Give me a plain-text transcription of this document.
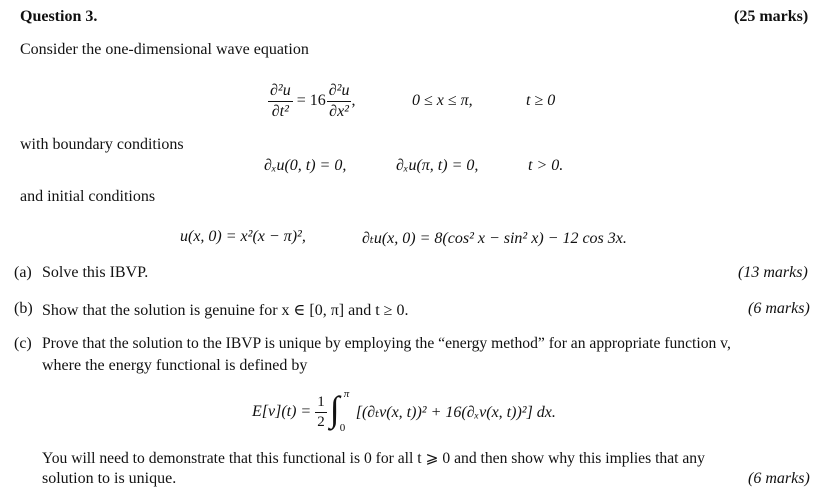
Question 3.	(25 marks)
Consider the one-dimensional wave equation
$\frac{\text{∂²u}}{\text{∂t²}} = 16 \frac{\text{∂²u}}{\text{∂x²}}$ ,	0 ≤ x ≤ π,	t ≥ 0
with boundary conditions
∂ₓu(0, t) = 0,	∂ₓu(π, t) = 0,	t > 0.
and initial conditions
u(x, 0) = x²(x − π)²,	∂ₜu(x, 0) = 8(cos² x − sin² x) − 12 cos 3x.
(a) Solve this IBVP.	(13 marks)
(b) Show that the solution is genuine for x ∈ [0, π] and t ≥ 0.	(6 marks)
(c) Prove that the solution to the IBVP is unique by employing the “energy method” for an appropriate function v,
where the energy functional is defined by
$E[v](t) = \frac{1}{2}$ ∫ π
0
[(∂ₜv(x, t))² + 16(∂ₓv(x, t))²] dx.
You will need to demonstrate that this functional is 0 for all t ⩾ 0 and then show why this implies that any
solution to is unique.	(6 marks)
